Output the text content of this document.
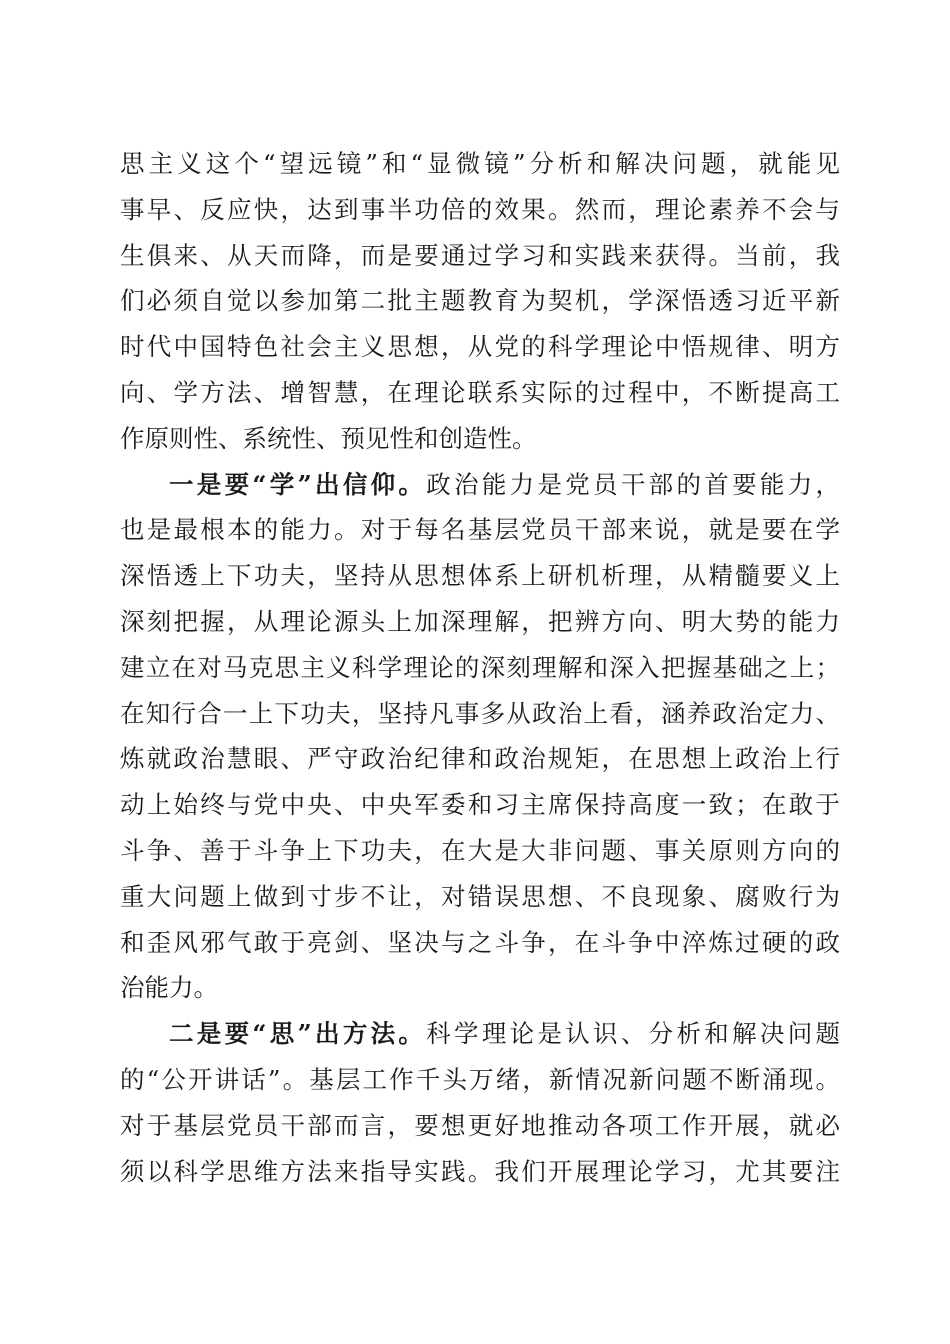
思主义这个“望远镜”和“显微镜”分析和解决问题，就能见
事早、反应快，达到事半功倍的效果。然而，理论素养不会与
生俱来、从天而降，而是要通过学习和实践来获得。当前，我
们必须自觉以参加第二批主题教育为契机，学深悟透习近平新
时代中国特色社会主义思想，从党的科学理论中悟规律、明方
向、学方法、增智慧，在理论联系实际的过程中，不断提高工
作原则性、系统性、预见性和创造性。
一是要“学”出信仰。政治能力是党员干部的首要能力，
也是最根本的能力。对于每名基层党员干部来说，就是要在学
深悟透上下功夫，坚持从思想体系上研机析理，从精髓要义上
深刻把握，从理论源头上加深理解，把辨方向、明大势的能力
建立在对马克思主义科学理论的深刻理解和深入把握基础之上；
在知行合一上下功夫，坚持凡事多从政治上看，涵养政治定力、
炼就政治慧眼、严守政治纪律和政治规矩，在思想上政治上行
动上始终与党中央、中央军委和习主席保持高度一致；在敢于
斗争、善于斗争上下功夫，在大是大非问题、事关原则方向的
重大问题上做到寸步不让，对错误思想、不良现象、腐败行为
和歪风邪气敢于亮剑、坚决与之斗争，在斗争中淬炼过硬的政
治能力。
二是要“思”出方法。科学理论是认识、分析和解决问题
的“公开讲话”。基层工作千头万绪，新情况新问题不断涌现。
对于基层党员干部而言，要想更好地推动各项工作开展，就必
须以科学思维方法来指导实践。我们开展理论学习，尤其要注
